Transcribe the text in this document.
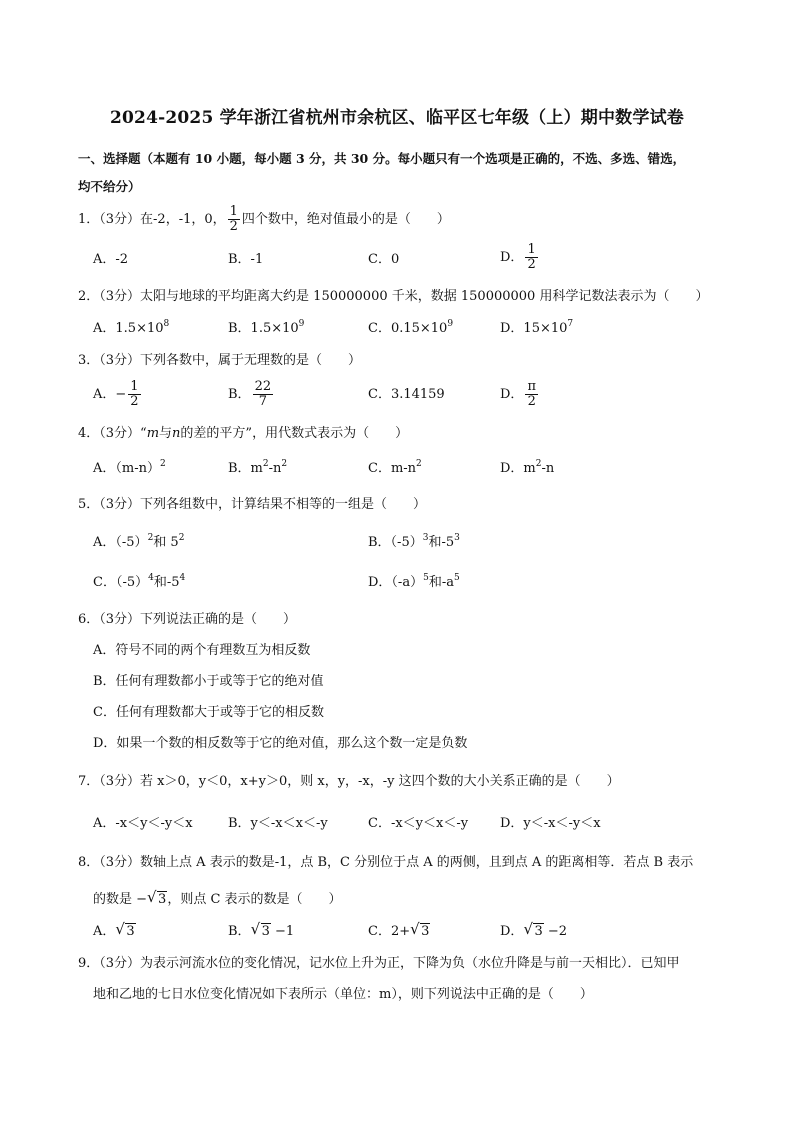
2024-2025 学年浙江省杭州市余杭区、临平区七年级（上）期中数学试卷
一、选择题（本题有 10 小题，每小题 3 分，共 30 分。每小题只有一个选项是正确的，不选、多选、错选，
均不给分）
1．（3分）在-2，-1，0， $\frac{1}{2}$ 四个数中，绝对值最小的是（　　）
A．-2	B．-1	C．0	D． $\frac{1}{2}$
2．（3分）太阳与地球的平均距离大约是 150000000 千米，数据 150000000 用科学记数法表示为（　　）
A．$1.5\times 10^8$	B．$1.5\times 10^9$	C．$0.15\times 10^9$	D．$15\times 10^7$
3．（3分）下列各数中，属于无理数的是（　　）
A．− $\frac{1}{2}$	B． $\frac{22}{7}$	C．3.14159	D． $\frac{\pi}{2}$
4．（3分）“m与n的差的平方”，用代数式表示为（　　）
A．$(m-n)^2$	B．$m^2-n^2$	C．$m-n^2$	D．$m^2-n$
5．（3分）下列各组数中，计算结果不相等的一组是（　　）
A．$(-5)^2$和 $5^2$	B．$(-5)^3$和$-5^3$
C．$(-5)^4$和$-5^4$	D．$(-a)^5$和$-a^5$
6．（3分）下列说法正确的是（　　）
A．符号不同的两个有理数互为相反数
B．任何有理数都小于或等于它的绝对值
C．任何有理数都大于或等于它的相反数
D．如果一个数的相反数等于它的绝对值，那么这个数一定是负数
7．（3分）若 x＞0，y＜0，x+y＞0，则 x，y，-x，-y 这四个数的大小关系正确的是（　　）
A．-x＜y＜-y＜x	B．y＜-x＜x＜-y	C．-x＜y＜x＜-y D．y＜-x＜-y＜x
8．（3分）数轴上点 A 表示的数是-1，点 B，C 分别位于点 A 的两侧，且到点 A 的距离相等．若点 B 表示
的数是 − √ 3，则点 C 表示的数是（　　）
A． √ 3	B． √ 3 −1	C．2+ √ 3	D． √ 3 −2
9．（3分）为表示河流水位的变化情况，记水位上升为正，下降为负（水位升降是与前一天相比）．已知甲
地和乙地的七日水位变化情况如下表所示（单位：m），则下列说法中正确的是（　　）
